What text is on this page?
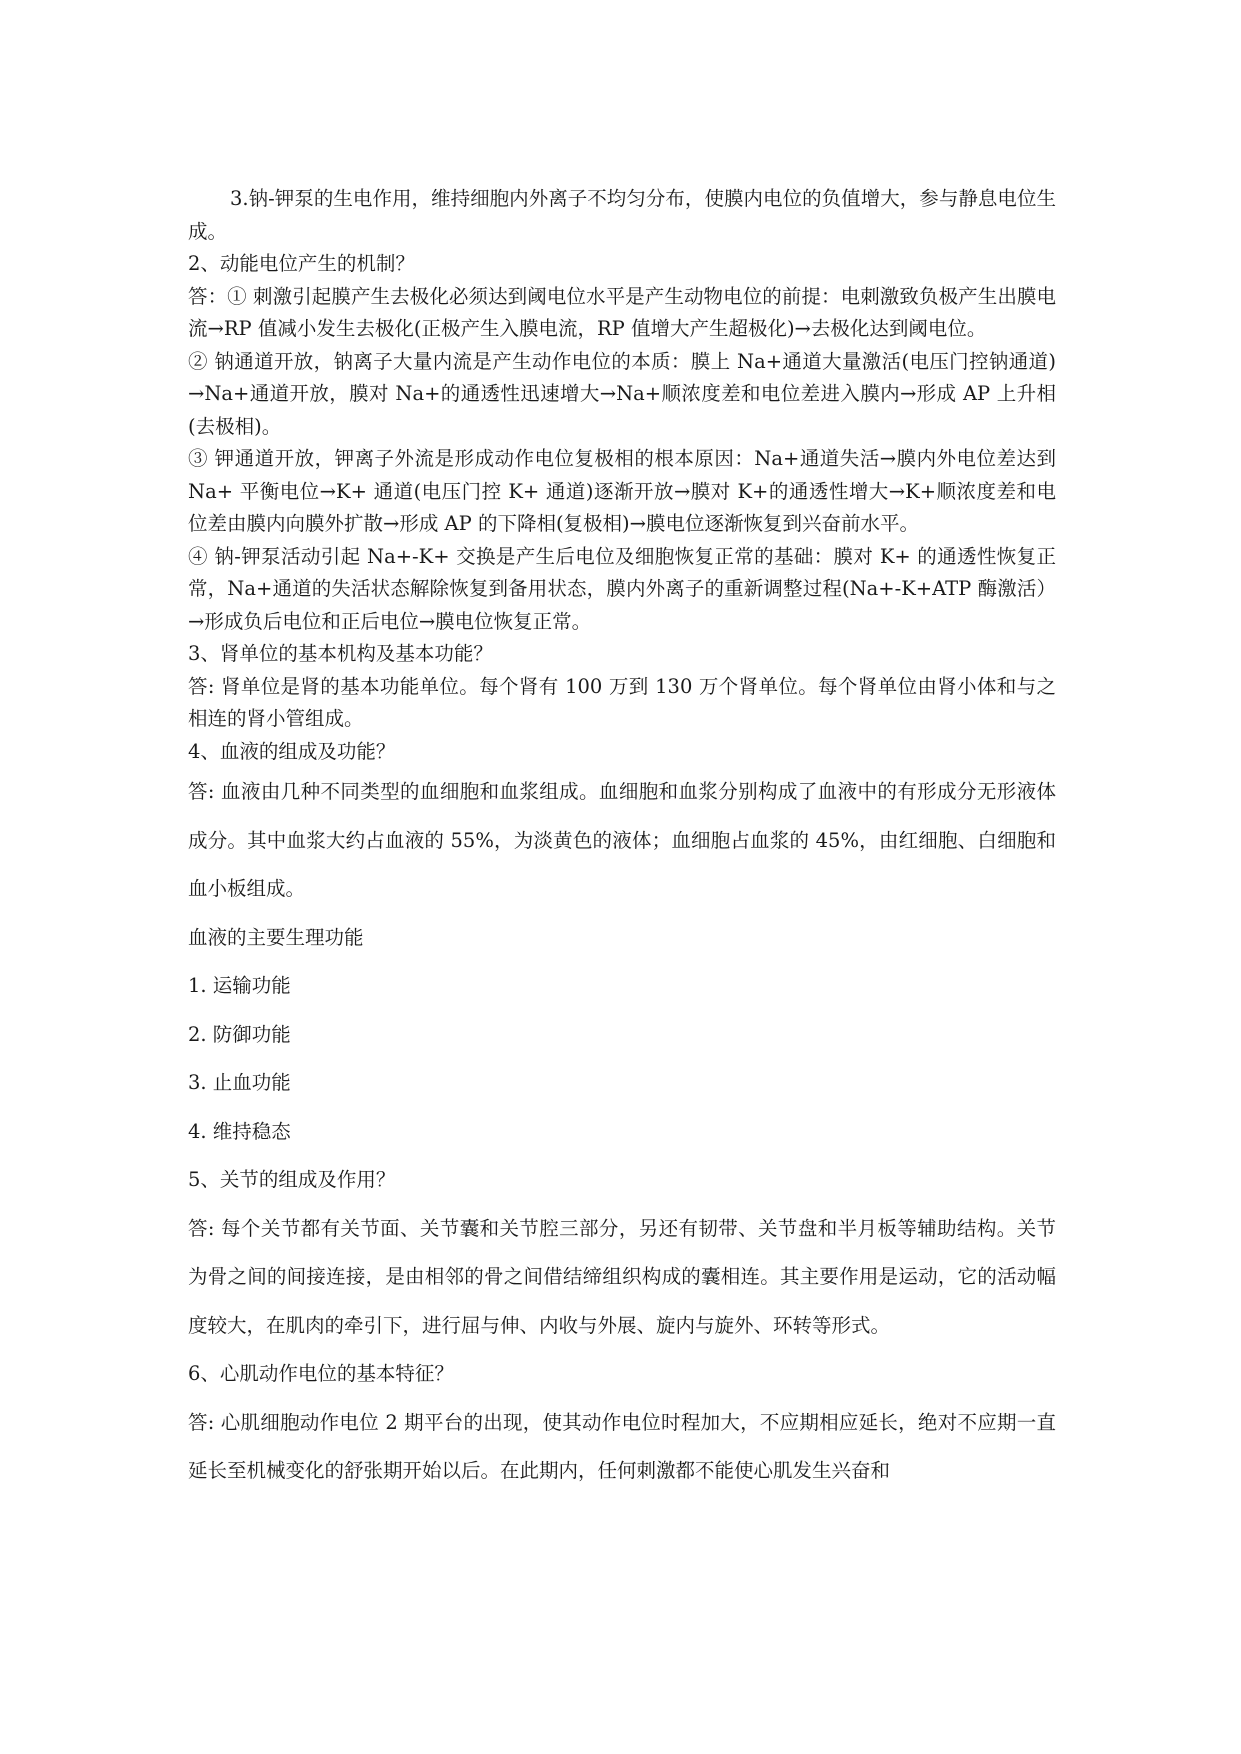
3.钠-钾泵的生电作用，维持细胞内外离子不均匀分布，使膜内电位的负值增大，参与静息电位生成。

2、动能电位产生的机制？

答：① 刺激引起膜产生去极化必须达到阈电位水平是产生动物电位的前提：电刺激致负极产生出膜电流→RP 值减小发生去极化(正极产生入膜电流，RP 值增大产生超极化)→去极化达到阈电位。

② 钠通道开放，钠离子大量内流是产生动作电位的本质：膜上 Na+通道大量激活(电压门控钠通道)→Na+通道开放，膜对 Na+的通透性迅速增大→Na+顺浓度差和电位差进入膜内→形成 AP 上升相(去极相)。

③ 钾通道开放，钾离子外流是形成动作电位复极相的根本原因：Na+通道失活→膜内外电位差达到 Na+ 平衡电位→K+ 通道(电压门控 K+ 通道)逐渐开放→膜对 K+的通透性增大→K+顺浓度差和电位差由膜内向膜外扩散→形成 AP 的下降相(复极相)→膜电位逐渐恢复到兴奋前水平。

④ 钠-钾泵活动引起 Na+-K+ 交换是产生后电位及细胞恢复正常的基础：膜对 K+ 的通透性恢复正常，Na+通道的失活状态解除恢复到备用状态，膜内外离子的重新调整过程(Na+-K+ATP 酶激活）→形成负后电位和正后电位→膜电位恢复正常。

3、肾单位的基本机构及基本功能？

答: 肾单位是肾的基本功能单位。每个肾有 100 万到 130 万个肾单位。每个肾单位由肾小体和与之相连的肾小管组成。

4、血液的组成及功能？

答: 血液由几种不同类型的血细胞和血浆组成。血细胞和血浆分别构成了血液中的有形成分无形液体成分。其中血浆大约占血液的 55%，为淡黄色的液体；血细胞占血浆的 45%，由红细胞、白细胞和血小板组成。

血液的主要生理功能

1. 运输功能

2. 防御功能

3. 止血功能

4. 维持稳态

5、关节的组成及作用？

答: 每个关节都有关节面、关节囊和关节腔三部分，另还有韧带、关节盘和半月板等辅助结构。关节为骨之间的间接连接，是由相邻的骨之间借结缔组织构成的囊相连。其主要作用是运动，它的活动幅度较大，在肌肉的牵引下，进行屈与伸、内收与外展、旋内与旋外、环转等形式。

6、心肌动作电位的基本特征？

答: 心肌细胞动作电位 2 期平台的出现，使其动作电位时程加大，不应期相应延长，绝对不应期一直延长至机械变化的舒张期开始以后。在此期内，任何刺激都不能使心肌发生兴奋和
